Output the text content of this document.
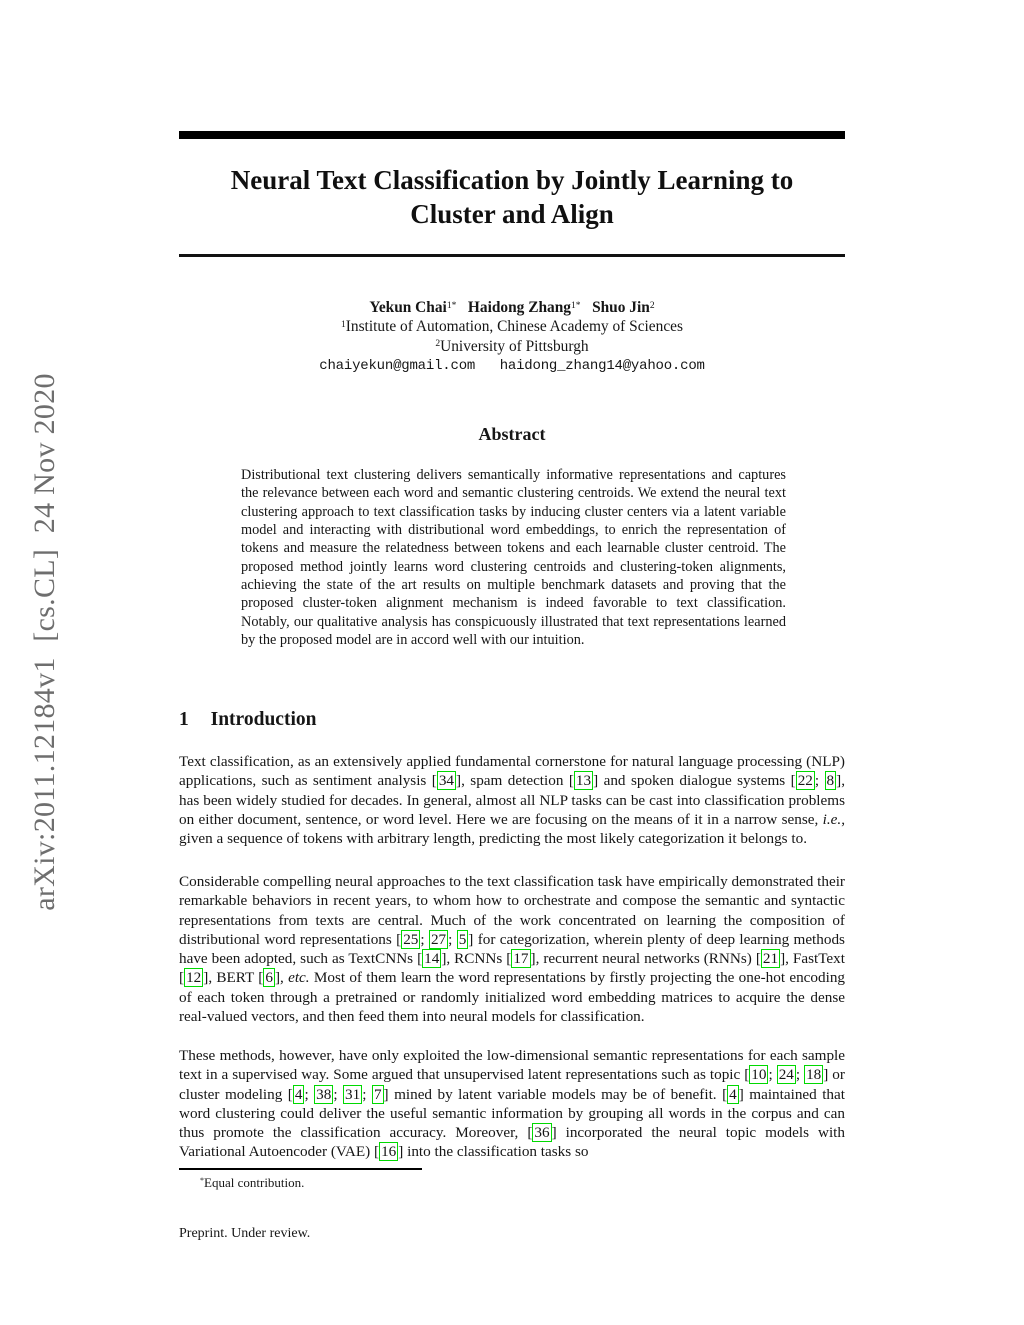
arXiv:2011.12184v1  [cs.CL]  24 Nov 2020
Neural Text Classification by Jointly Learning to
Cluster and Align
Yekun Chai$^{1*}$ Haidong Zhang$^{1*}$ Shuo Jin$^2$
$^1$Institute of Automation, Chinese Academy of Sciences
$^2$University of Pittsburgh
chaiyekun@gmail.com   haidong_zhang14@yahoo.com
Abstract

Distributional text clustering delivers semantically informative representations and captures the relevance between each word and semantic clustering centroids. We extend the neural text clustering approach to text classification tasks by inducing cluster centers via a latent variable model and interacting with distributional word embeddings, to enrich the representation of tokens and measure the relatedness between tokens and each learnable cluster centroid. The proposed method jointly learns word clustering centroids and clustering-token alignments, achieving the state of the art results on multiple benchmark datasets and proving that the proposed cluster-token alignment mechanism is indeed favorable to text classification. Notably, our qualitative analysis has conspicuously illustrated that text representations learned by the proposed model are in accord well with our intuition.

1 Introduction

Text classification, as an extensively applied fundamental cornerstone for natural language processing (NLP) applications, such as sentiment analysis [ 34 ], spam detection [ 13 ] and spoken dialogue systems [ 22 ; 8 ], has been widely studied for decades. In general, almost all NLP tasks can be cast into classification problems on either document, sentence, or word level. Here we are focusing on the means of it in a narrow sense, i.e., given a sequence of tokens with arbitrary length, predicting the most likely categorization it belongs to.

Considerable compelling neural approaches to the text classification task have empirically demonstrated their remarkable behaviors in recent years, to whom how to orchestrate and compose the semantic and syntactic representations from texts are central. Much of the work concentrated on learning the composition of distributional word representations [ 25 ; 27 ; 5 ] for categorization, wherein plenty of deep learning methods have been adopted, such as TextCNNs [ 14 ], RCNNs [ 17 ], recurrent neural networks (RNNs) [ 21 ], FastText [ 12 ], BERT [ 6 ], etc. Most of them learn the word representations by firstly projecting the one-hot encoding of each token through a pretrained or randomly initialized word embedding matrices to acquire the dense real-valued vectors, and then feed them into neural models for classification.

These methods, however, have only exploited the low-dimensional semantic representations for each sample text in a supervised way. Some argued that unsupervised latent representations such as topic [ 10 ; 24 ; 18 ] or cluster modeling [ 4 ; 38 ; 31 ; 7 ] mined by latent variable models may be of benefit. [ 4 ] maintained that word clustering could deliver the useful semantic information by grouping all words in the corpus and can thus promote the classification accuracy. Moreover, [ 36 ] incorporated the neural topic models with Variational Autoencoder (VAE) [ 16 ] into the classification tasks so

*Equal contribution.
Preprint. Under review.
